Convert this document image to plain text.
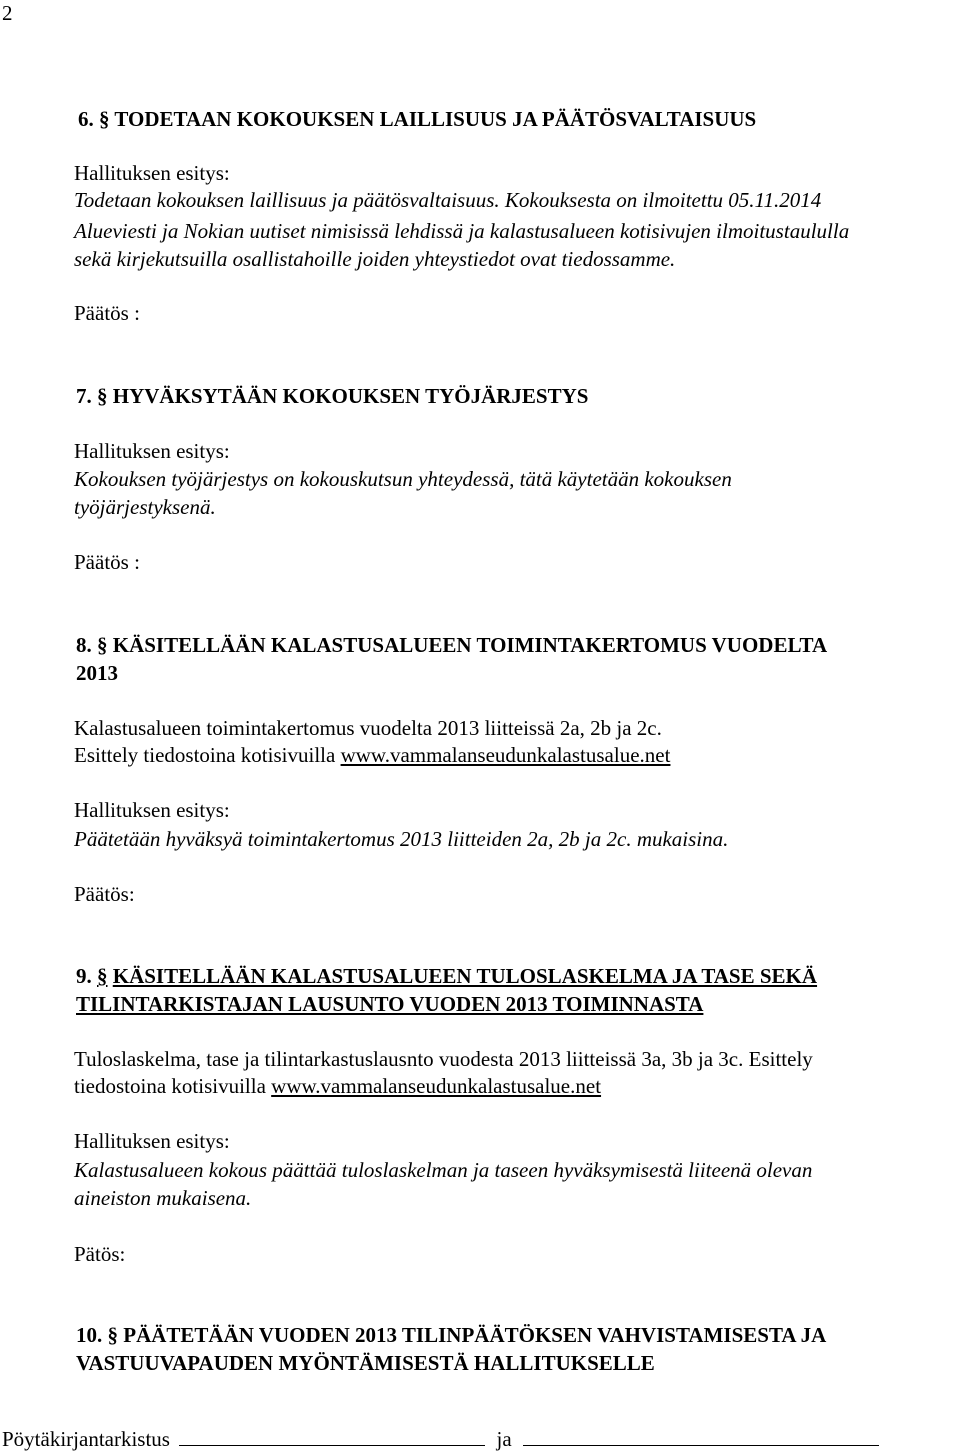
2
6. § TODETAAN KOKOUKSEN LAILLISUUS JA PÄÄTÖSVALTAISUUS
Hallituksen esitys:
Todetaan kokouksen laillisuus ja päätösvaltaisuus. Kokouksesta on ilmoitettu 05.11.2014
Alueviesti ja Nokian uutiset nimisissä lehdissä ja kalastusalueen kotisivujen ilmoitustaululla
sekä kirjekutsuilla osallistahoille joiden yhteystiedot ovat tiedossamme.
Päätös :
7. § HYVÄKSYTÄÄN KOKOUKSEN TYÖJÄRJESTYS
Hallituksen esitys:
Kokouksen työjärjestys on kokouskutsun yhteydessä, tätä käytetään kokouksen
työjärjestyksenä.
Päätös :
8. § KÄSITELLÄÄN KALASTUSALUEEN TOIMINTAKERTOMUS VUODELTA
2013
Kalastusalueen toimintakertomus vuodelta 2013 liitteissä 2a, 2b ja 2c.
Esittely tiedostoina kotisivuilla www.vammalanseudunkalastusalue.net
Hallituksen esitys:
Päätetään hyväksyä toimintakertomus 2013 liitteiden 2a, 2b ja 2c. mukaisina.
Päätös:
9. § KÄSITELLÄÄN KALASTUSALUEEN TULOSLASKELMA JA TASE SEKÄ
TILINTARKISTAJAN LAUSUNTO VUODEN 2013 TOIMINNASTA
Tuloslaskelma, tase ja tilintarkastuslausnto vuodesta 2013 liitteissä 3a, 3b ja 3c. Esittely
tiedostoina kotisivuilla www.vammalanseudunkalastusalue.net
Hallituksen esitys:
Kalastusalueen kokous päättää tuloslaskelman ja taseen hyväksymisestä liiteenä olevan
aineiston mukaisena.
Pätös:
10. § PÄÄTETÄÄN VUODEN 2013 TILINPÄÄTÖKSEN VAHVISTAMISESTA JA
VASTUUVAPAUDEN MYÖNTÄMISESTÄ HALLITUKSELLE
Pöytäkirjantarkistus	ja
